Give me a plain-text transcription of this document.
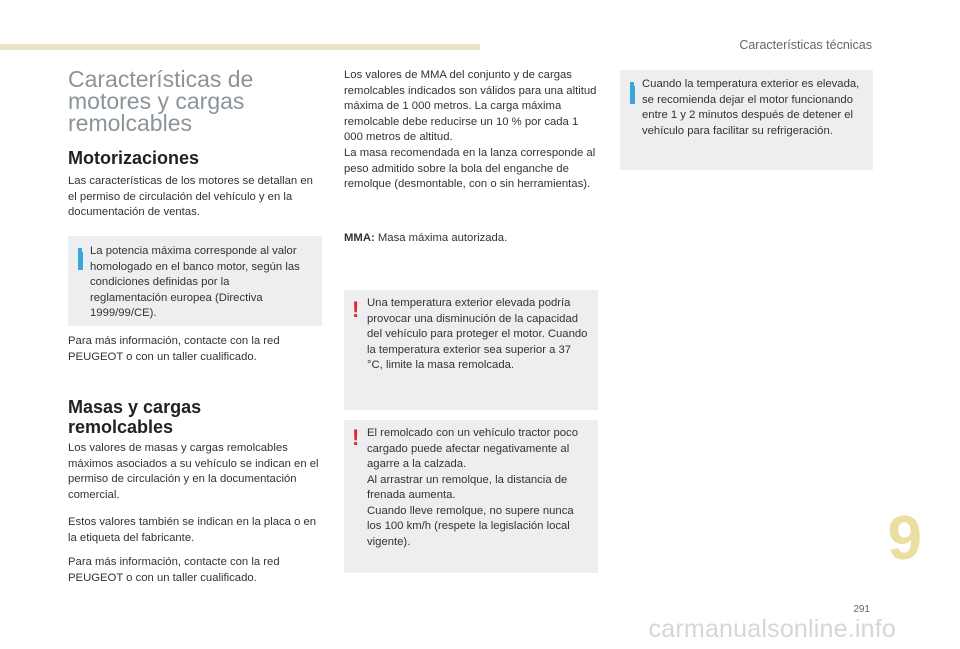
Características técnicas
Características de motores y cargas remolcables
Motorizaciones
Las características de los motores se detallan en el permiso de circulación del vehículo y en la documentación de ventas.
La potencia máxima corresponde al valor homologado en el banco motor, según las condiciones definidas por la reglamentación europea (Directiva 1999/99/CE).
Para más información, contacte con la red PEUGEOT o con un taller cualificado.
Masas y cargas remolcables
Los valores de masas y cargas remolcables máximos asociados a su vehículo se indican en el permiso de circulación y en la documentación comercial.
Estos valores también se indican en la placa o en la etiqueta del fabricante.
Para más información, contacte con la red PEUGEOT o con un taller cualificado.
Los valores de MMA del conjunto y de cargas remolcables indicados son válidos para una altitud máxima de 1 000 metros. La carga máxima remolcable debe reducirse un 10 % por cada 1 000 metros de altitud.
La masa recomendada en la lanza corresponde al peso admitido sobre la bola del enganche de remolque (desmontable, con o sin herramientas).
MMA: Masa máxima autorizada.
! Una temperatura exterior elevada podría provocar una disminución de la capacidad del vehículo para proteger el motor. Cuando la temperatura exterior sea superior a 37 °C, limite la masa remolcada.
! El remolcado con un vehículo tractor poco cargado puede afectar negativamente al agarre a la calzada.
Al arrastrar un remolque, la distancia de frenada aumenta.
Cuando lleve remolque, no supere nunca los 100 km/h (respete la legislación local vigente).
Cuando la temperatura exterior es elevada, se recomienda dejar el motor funcionando entre 1 y 2 minutos después de detener el vehículo para facilitar su refrigeración.
9
291
carmanualsonline.info
